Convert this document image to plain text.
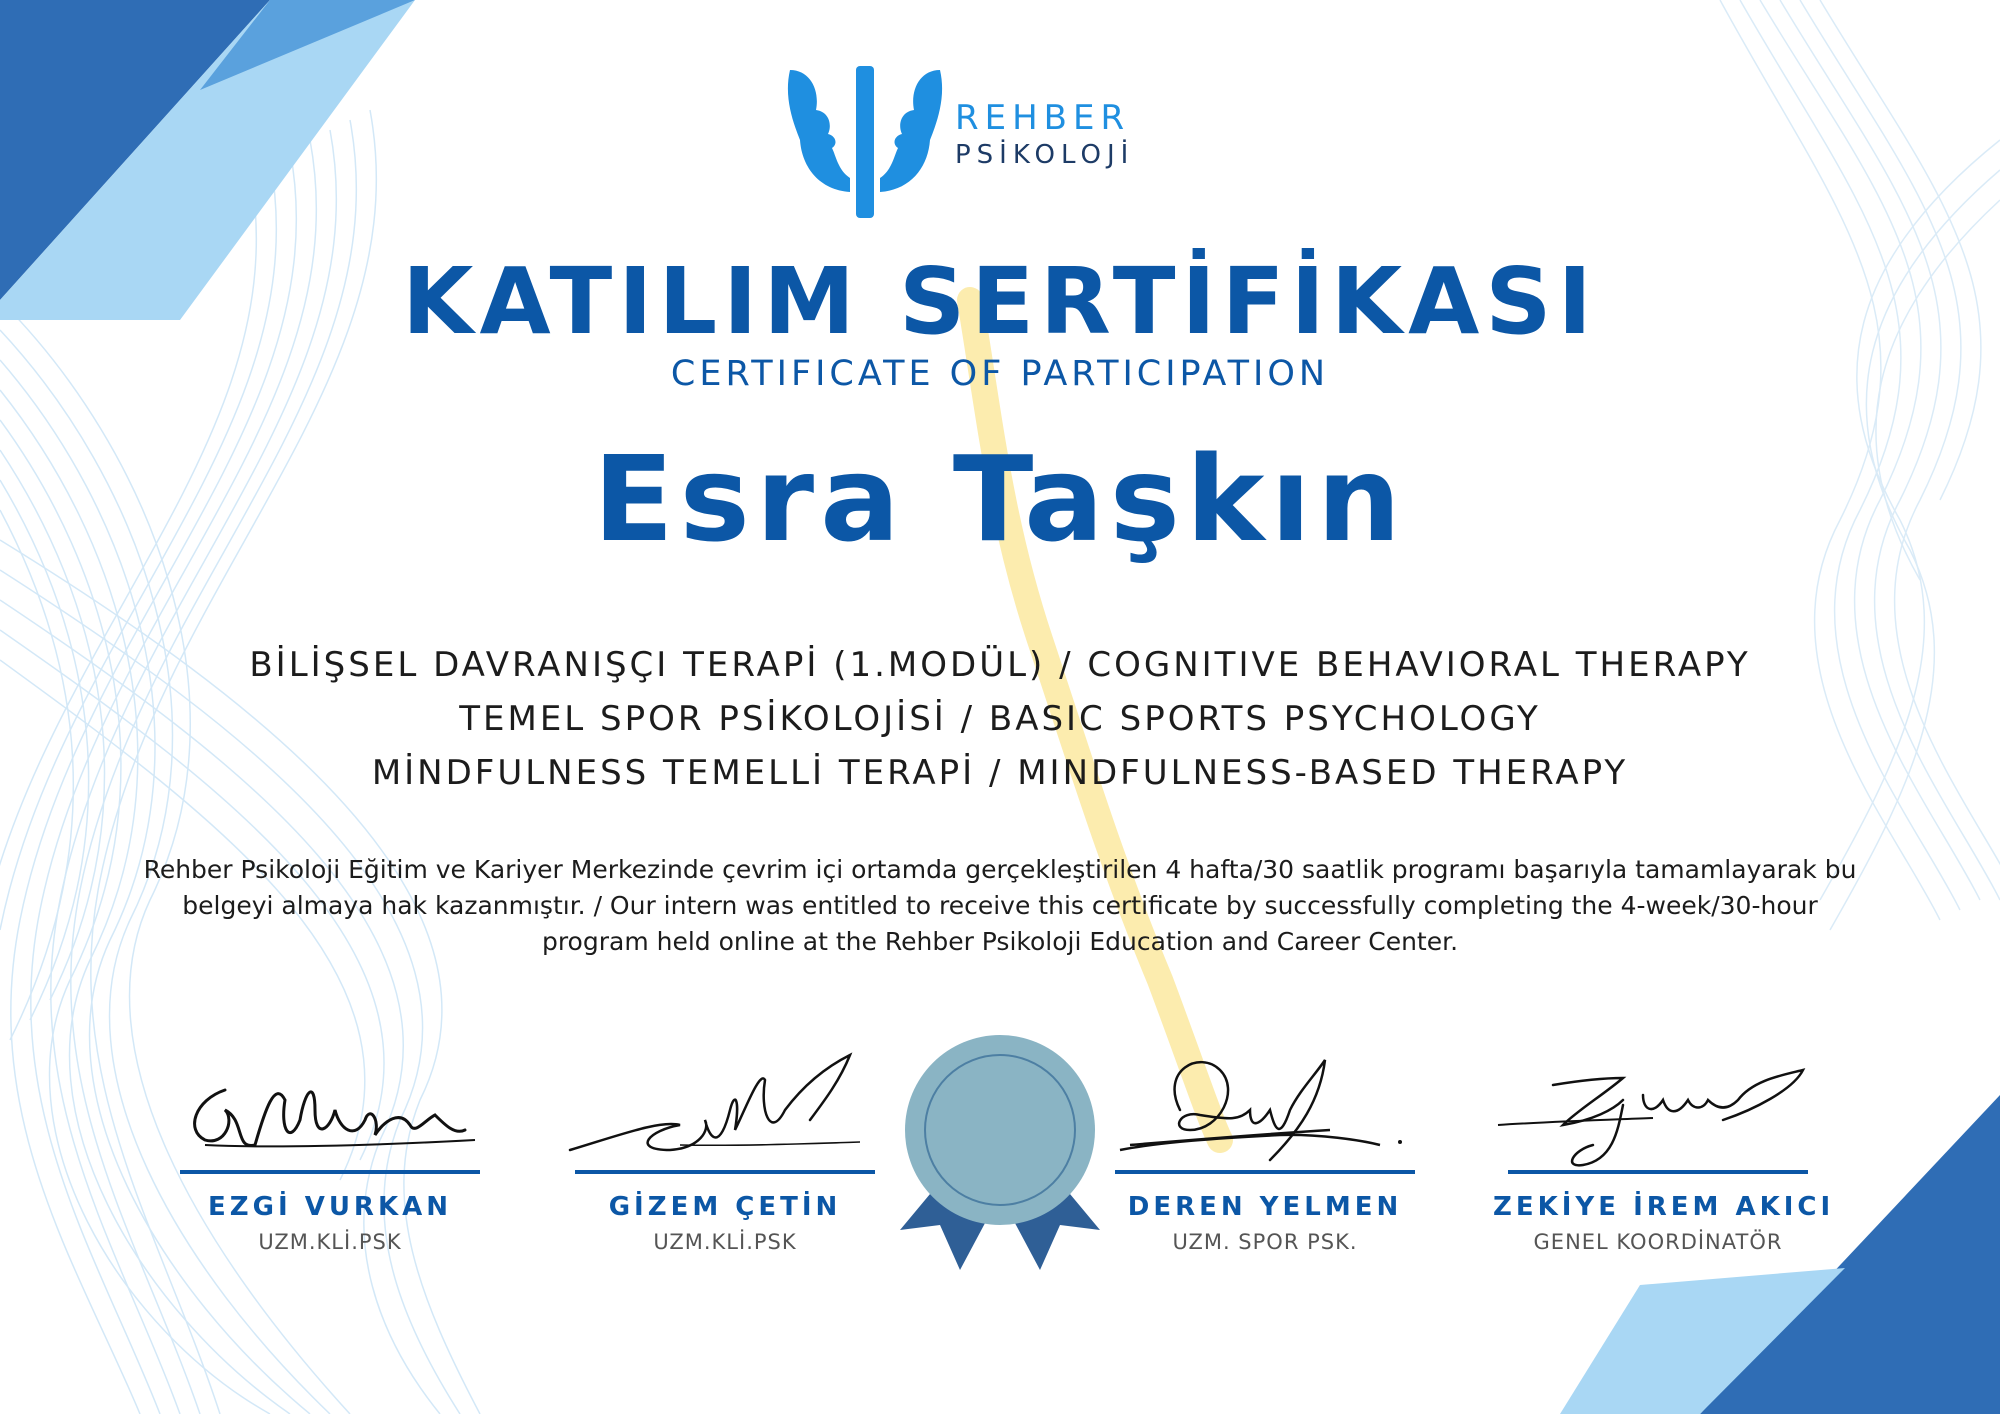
REHBER
PSİKOLOJİ
KATILIM SERTİFİKASI
CERTIFICATE OF PARTICIPATION
Esra Taşkın
BİLİŞSEL DAVRANIŞÇI TERAPİ (1.MODÜL) / COGNITIVE BEHAVIORAL THERAPY
TEMEL SPOR PSİKOLOJİSİ / BASIC SPORTS PSYCHOLOGY
MİNDFULNESS TEMELLİ TERAPİ / MINDFULNESS-BASED THERAPY
Rehber Psikoloji Eğitim ve Kariyer Merkezinde çevrim içi ortamda gerçekleştirilen 4 hafta/30 saatlik programı başarıyla tamamlayarak bu belgeyi almaya hak kazanmıştır. / Our intern was entitled to receive this certificate by successfully completing the 4-week/30-hour program held online at the Rehber Psikoloji Education and Career Center.
EZGİ VURKAN
UZM.KLİ.PSK
GİZEM ÇETİN
UZM.KLİ.PSK
DEREN YELMEN
UZM. SPOR PSK.
ZEKİYE İREM AKICI
GENEL KOORDİNATÖR
